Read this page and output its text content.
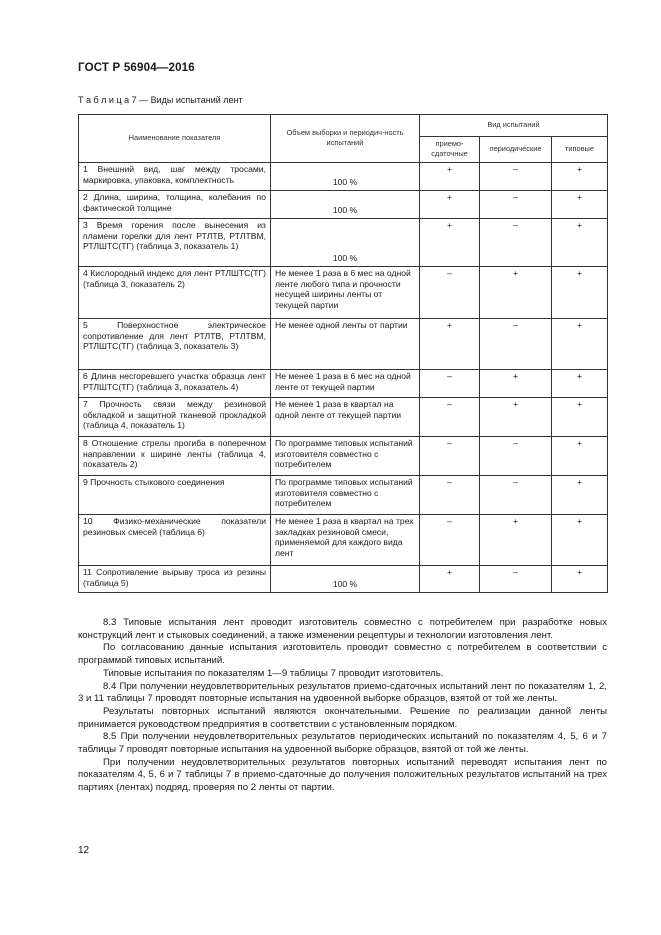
ГОСТ Р 56904—2016
Т а б л и ц а 7 — Виды испытаний лент
Наименование показателя	Объем выборки и периодич-ность испытаний	Вид испытаний		
		приемо-сдаточные	периодические	типовые
1 Внешний вид, шаг между тросами, маркировка, упаковка, комплектность	100 %	+	–	+
2 Длина, ширина, толщина, колебания по фактической толщине	100 %	+	–	+
3 Время горения после вынесения из пламени горелки для лент РТЛТВ, РТЛТВМ, РТЛШТС(ТГ) (таблица 3, показатель 1)	100 %	+	–	+
4 Кислородный индекс для лент РТЛШТС(ТГ) (таблица 3, показатель 2)	Не менее 1 раза в 6 мес на одной ленте любого типа и прочности несущей ширины ленты от текущей партии	–	+	+
5 Поверхностное электрическое сопротивление для лент РТЛТВ, РТЛТВМ, РТЛШТС(ТГ) (таблица 3, показатель 3)	Не менее одной ленты от партии	+	–	+
6 Длина несгоревшего участка образца лент РТЛШТС(ТГ) (таблица 3, показатель 4)	Не менее 1 раза в 6 мес на одной ленте от текущей партии	–	+	+
7 Прочность связи между резиновой обкладкой и защитной тканевой прокладкой (таблица 4, показатель 1)	Не менее 1 раза в квартал на одной ленте от текущей партии	–	+	+
8 Отношение стрелы прогиба в поперечном направлении к ширине ленты (таблица 4, показатель 2)	По программе типовых испытаний изготовителя совместно с потребителем	–	–	+
9 Прочность стыкового соединения	По программе типовых испытаний изготовителя совместно с потребителем	–	–	+
10 Физико-механические показатели резиновых смесей (таблица 6)	Не менее 1 раза в квартал на трех закладках резиновой смеси, применяемой для каждого вида лент	–	+	+
11 Сопротивление вырыву троса из резины (таблица 5)	100 %	+	–	+

8.3 Типовые испытания лент проводит изготовитель совместно с потребителем при разработке новых конструкций лент и стыковых соединений, а также изменении рецептуры и технологии изготовления лент.

По согласованию данные испытания изготовитель проводит совместно с потребителем в соответствии с программой типовых испытаний.

Типовые испытания по показателям 1—9 таблицы 7 проводит изготовитель.

8.4 При получении неудовлетворительных результатов приемо-сдаточных испытаний лент по показателям 1, 2, 3 и 11 таблицы 7 проводят повторные испытания на удвоенной выборке образцов, взятой от той же ленты.

Результаты повторных испытаний являются окончательными. Решение по реализации данной ленты принимается руководством предприятия в соответствии с установленным порядком.

8.5 При получении неудовлетворительных результатов периодических испытаний по показателям 4, 5, 6 и 7 таблицы 7 проводят повторные испытания на удвоенной выборке образцов, взятой от той же ленты.

При получении неудовлетворительных результатов повторных испытаний переводят испытания лент по показателям 4, 5, 6 и 7 таблицы 7 в приемо-сдаточные до получения положительных результатов испытаний на трех партиях (лентах) подряд, проверяя по 2 ленты от партии.

12
